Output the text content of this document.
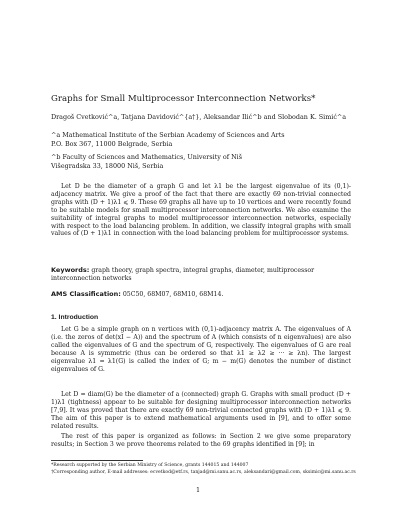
Graphs for Small Multiprocessor Interconnection Networks*
Dragoš Cvetković^a, Tatjana Davidović^{a†}, Aleksandar Ilić^b and Slobodan K. Simić^a
^a Mathematical Institute of the Serbian Academy of Sciences and Arts
P.O. Box 367, 11000 Belgrade, Serbia
^b Faculty of Sciences and Mathematics, University of Niš
Višegradska 33, 18000 Niš, Serbia
Let D be the diameter of a graph G and let λ1 be the largest eigenvalue of its (0,1)-adjacency matrix. We give a proof of the fact that there are exactly 69 non-trivial connected graphs with (D + 1)λ1 ⩽ 9. These 69 graphs all have up to 10 vertices and were recently found to be suitable models for small multiprocessor interconnection networks. We also examine the suitability of integral graphs to model multiprocessor interconnection networks, especially with respect to the load balancing problem. In addition, we classify integral graphs with small values of (D + 1)λ1 in connection with the load balancing problem for multiprocessor systems.
Keywords: graph theory, graph spectra, integral graphs, diameter, multiprocessor interconnection networks
AMS Classification: 05C50, 68M07, 68M10, 68M14.
1. Introduction
Let G be a simple graph on n vertices with (0,1)-adjacency matrix A. The eigenvalues of A (i.e. the zeros of det(xI − A)) and the spectrum of A (which consists of n eigenvalues) are also called the eigenvalues of G and the spectrum of G, respectively. The eigenvalues of G are real because A is symmetric (thus can be ordered so that λ1 ≥ λ2 ≥ ··· ≥ λn). The largest eigenvalue λ1 = λ1(G) is called the index of G; m − m(G) denotes the number of distinct eigenvalues of G.
Let D = diam(G) be the diameter of a (connected) graph G. Graphs with small product (D + 1)λ1 (tightness) appear to be suitable for designing multiprocessor interconnection networks [7,9]. It was proved that there are exactly 69 non-trivial connected graphs with (D + 1)λ1 ⩽ 9. The aim of this paper is to extend mathematical arguments used in [9], and to offer some related results.
The rest of this paper is organized as follows: in Section 2 we give some preparatory results; in Section 3 we prove theorems related to the 69 graphs identified in [9]; in
*Research supported by the Serbian Ministry of Science, grants 144015 and 144007
†Corresponding author, E-mail addresses: ecvetkod@etf.rs, tanjad@mi.sanu.ac.rs, aleksandari@gmail.com, sksimic@mi.sanu.ac.rs
1
